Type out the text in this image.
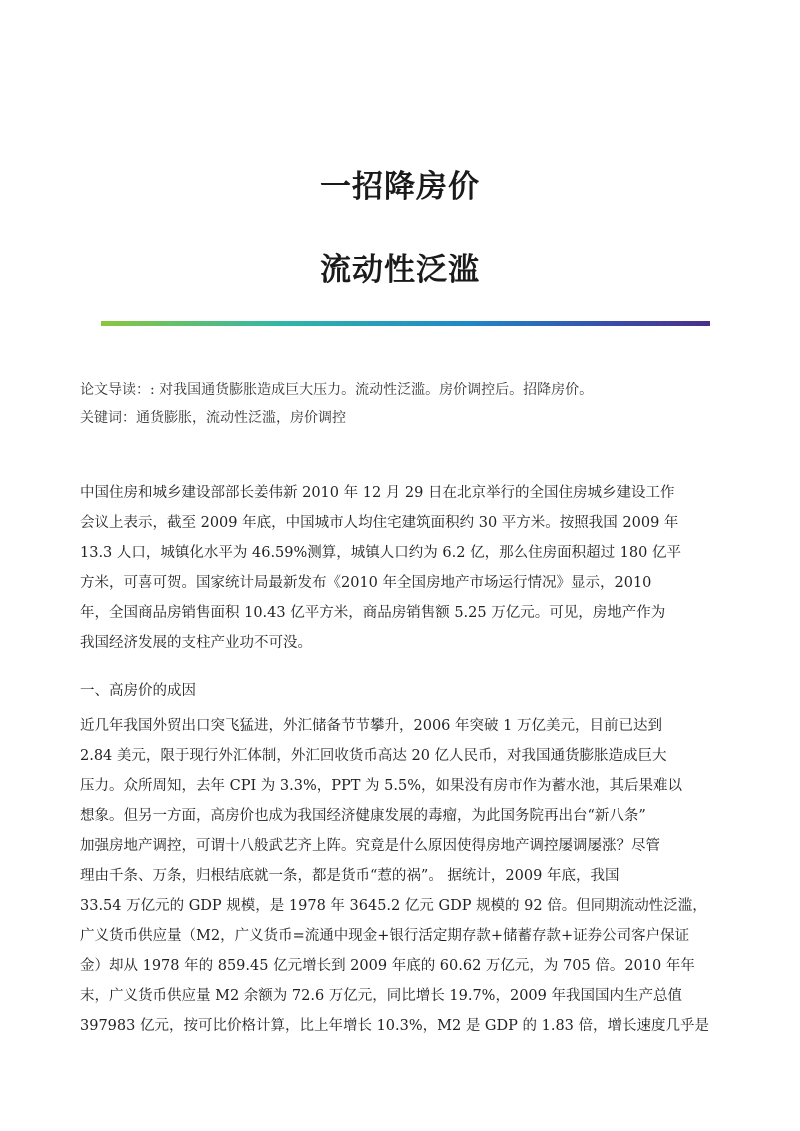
一招降房价
流动性泛滥
论文导读：: 对我国通货膨胀造成巨大压力。流动性泛滥。房价调控后。招降房价。
关键词：通货膨胀，流动性泛滥，房价调控
中国住房和城乡建设部部长姜伟新 2010 年 12 月 29 日在北京举行的全国住房城乡建设工作
会议上表示，截至 2009 年底，中国城市人均住宅建筑面积约 30 平方米。按照我国 2009 年
13.3 人口，城镇化水平为 46.59%测算，城镇人口约为 6.2 亿，那么住房面积超过 180 亿平
方米，可喜可贺。国家统计局最新发布《2010 年全国房地产市场运行情况》显示，2010
年，全国商品房销售面积 10.43 亿平方米，商品房销售额 5.25 万亿元。可见，房地产作为
我国经济发展的支柱产业功不可没。
一、高房价的成因
近几年我国外贸出口突飞猛进，外汇储备节节攀升，2006 年突破 1 万亿美元，目前已达到
2.84 美元，限于现行外汇体制，外汇回收货币高达 20 亿人民币，对我国通货膨胀造成巨大
压力。众所周知，去年 CPI 为 3.3%，PPT 为 5.5%，如果没有房市作为蓄水池，其后果难以
想象。但另一方面，高房价也成为我国经济健康发展的毒瘤，为此国务院再出台“新八条”
加强房地产调控，可谓十八般武艺齐上阵。究竟是什么原因使得房地产调控屡调屡涨？尽管
理由千条、万条，归根结底就一条，都是货币“惹的祸”。 据统计，2009 年底，我国
33.54 万亿元的 GDP 规模，是 1978 年 3645.2 亿元 GDP 规模的 92 倍。但同期流动性泛滥，
广义货币供应量（M2，广义货币=流通中现金+银行活定期存款+储蓄存款+证券公司客户保证
金）却从 1978 年的 859.45 亿元增长到 2009 年底的 60.62 万亿元，为 705 倍。2010 年年
末，广义货币供应量 M2 余额为 72.6 万亿元，同比增长 19.7%，2009 年我国国内生产总值
397983 亿元，按可比价格计算，比上年增长 10.3%，M2 是 GDP 的 1.83 倍，增长速度几乎是
